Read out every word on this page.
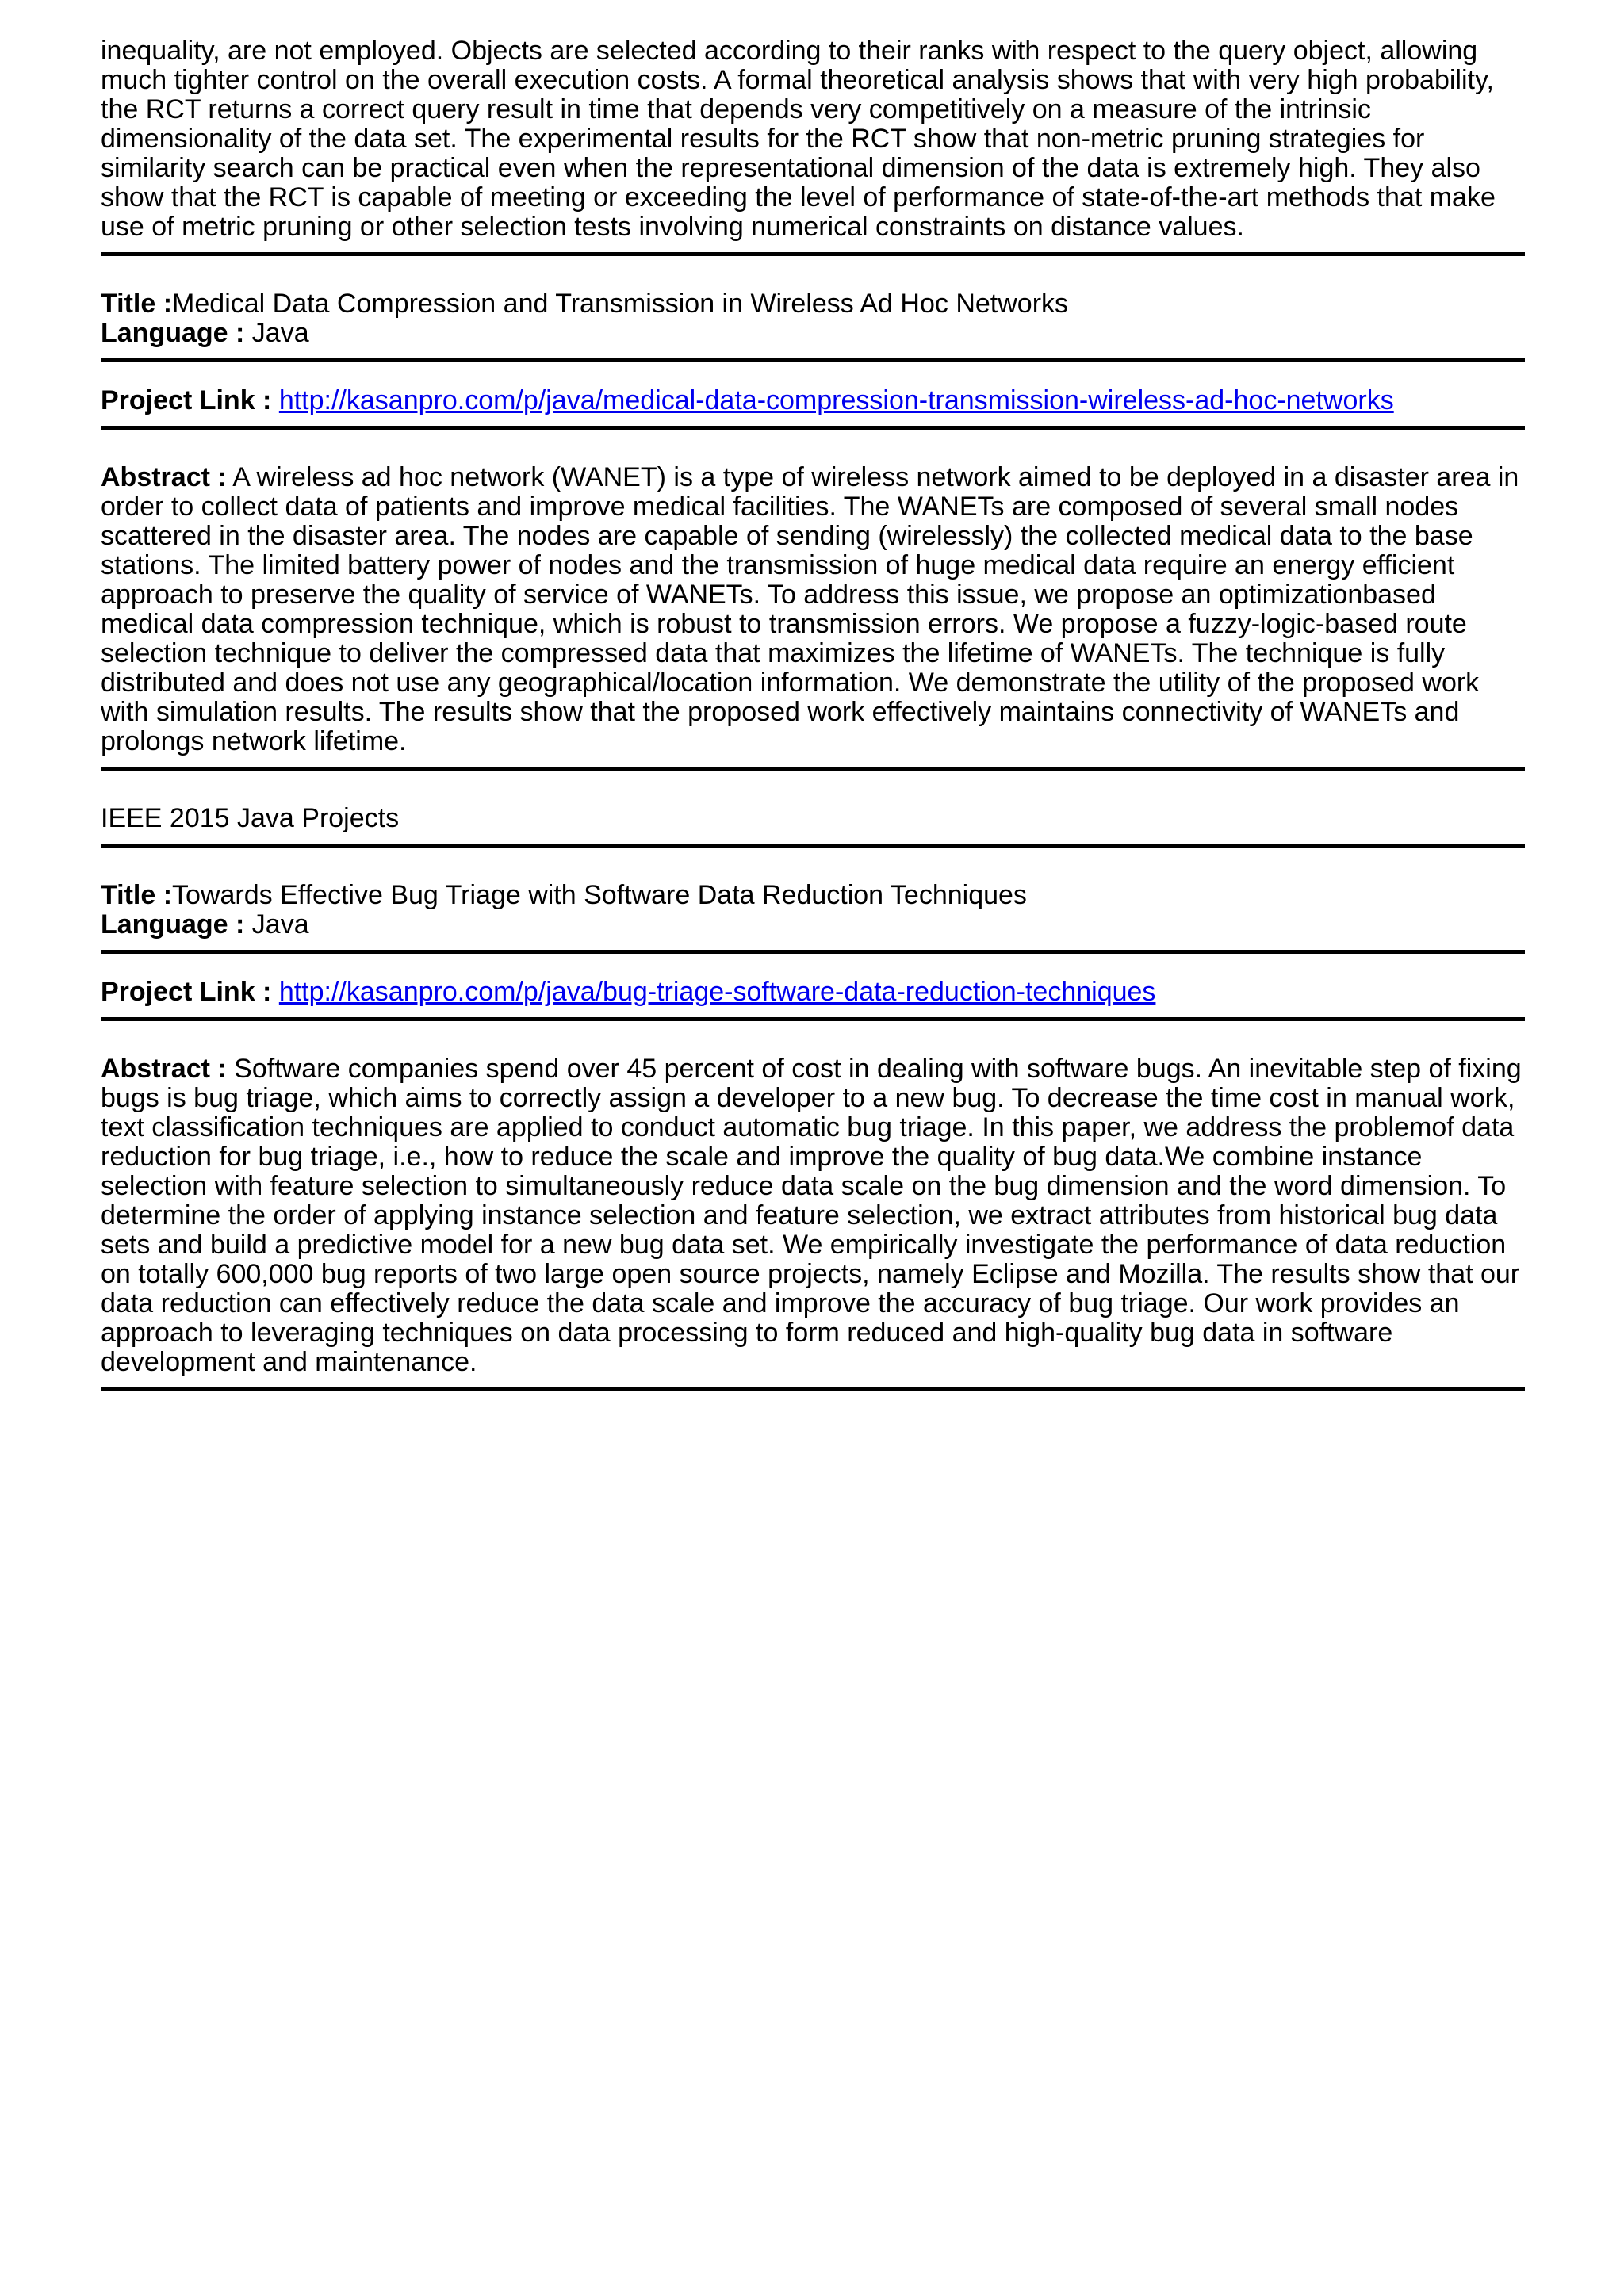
inequality, are not employed. Objects are selected according to their ranks with respect to the query object, allowing much tighter control on the overall execution costs. A formal theoretical analysis shows that with very high probability, the RCT returns a correct query result in time that depends very competitively on a measure of the intrinsic dimensionality of the data set. The experimental results for the RCT show that non-metric pruning strategies for similarity search can be practical even when the representational dimension of the data is extremely high. They also show that the RCT is capable of meeting or exceeding the level of performance of state-of-the-art methods that make use of metric pruning or other selection tests involving numerical constraints on distance values.

Title :Medical Data Compression and Transmission in Wireless Ad Hoc Networks
Language : Java
Project Link : http://kasanpro.com/p/java/medical-data-compression-transmission-wireless-ad-hoc-networks

Abstract : A wireless ad hoc network (WANET) is a type of wireless network aimed to be deployed in a disaster area in order to collect data of patients and improve medical facilities. The WANETs are composed of several small nodes scattered in the disaster area. The nodes are capable of sending (wirelessly) the collected medical data to the base stations. The limited battery power of nodes and the transmission of huge medical data require an energy efficient approach to preserve the quality of service of WANETs. To address this issue, we propose an optimizationbased medical data compression technique, which is robust to transmission errors. We propose a fuzzy-logic-based route selection technique to deliver the compressed data that maximizes the lifetime of WANETs. The technique is fully distributed and does not use any geographical/location information. We demonstrate the utility of the proposed work with simulation results. The results show that the proposed work effectively maintains connectivity of WANETs and prolongs network lifetime.

IEEE 2015 Java Projects
Title :Towards Effective Bug Triage with Software Data Reduction Techniques
Language : Java
Project Link : http://kasanpro.com/p/java/bug-triage-software-data-reduction-techniques

Abstract : Software companies spend over 45 percent of cost in dealing with software bugs. An inevitable step of fixing bugs is bug triage, which aims to correctly assign a developer to a new bug. To decrease the time cost in manual work, text classification techniques are applied to conduct automatic bug triage. In this paper, we address the problemof data reduction for bug triage, i.e., how to reduce the scale and improve the quality of bug data.We combine instance selection with feature selection to simultaneously reduce data scale on the bug dimension and the word dimension. To determine the order of applying instance selection and feature selection, we extract attributes from historical bug data sets and build a predictive model for a new bug data set. We empirically investigate the performance of data reduction on totally 600,000 bug reports of two large open source projects, namely Eclipse and Mozilla. The results show that our data reduction can effectively reduce the data scale and improve the accuracy of bug triage. Our work provides an approach to leveraging techniques on data processing to form reduced and high-quality bug data in software development and maintenance.
